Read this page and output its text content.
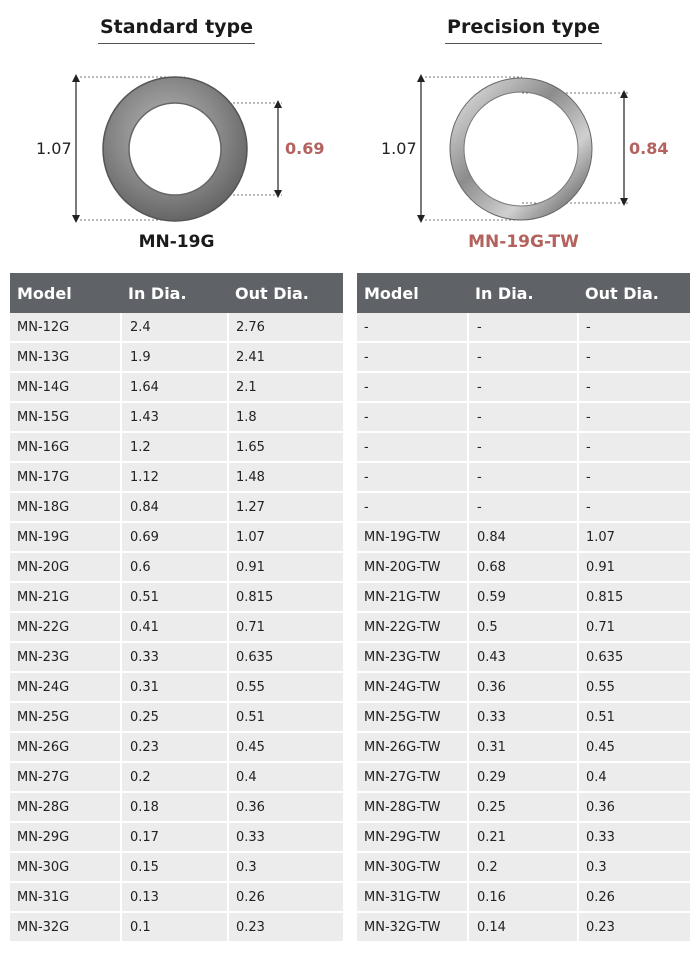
Standard type
1.07	0.69
MN-19G
Model	In Dia.	Out Dia.
MN-12G	2.4	2.76
MN-13G	1.9	2.41
MN-14G	1.64	2.1
MN-15G	1.43	1.8
MN-16G	1.2	1.65
MN-17G	1.12	1.48
MN-18G	0.84	1.27
MN-19G	0.69	1.07
MN-20G	0.6	0.91
MN-21G	0.51	0.815
MN-22G	0.41	0.71
MN-23G	0.33	0.635
MN-24G	0.31	0.55
MN-25G	0.25	0.51
MN-26G	0.23	0.45
MN-27G	0.2	0.4
MN-28G	0.18	0.36
MN-29G	0.17	0.33
MN-30G	0.15	0.3
MN-31G	0.13	0.26
MN-32G	0.1	0.23
Precision type
1.07	0.84
MN-19G-TW
Model	In Dia.	Out Dia.
-	-	-
-	-	-
-	-	-
-	-	-
-	-	-
-	-	-
-	-	-
MN-19G-TW	0.84	1.07
MN-20G-TW	0.68	0.91
MN-21G-TW	0.59	0.815
MN-22G-TW	0.5	0.71
MN-23G-TW	0.43	0.635
MN-24G-TW	0.36	0.55
MN-25G-TW	0.33	0.51
MN-26G-TW	0.31	0.45
MN-27G-TW	0.29	0.4
MN-28G-TW	0.25	0.36
MN-29G-TW	0.21	0.33
MN-30G-TW	0.2	0.3
MN-31G-TW	0.16	0.26
MN-32G-TW	0.14	0.23
